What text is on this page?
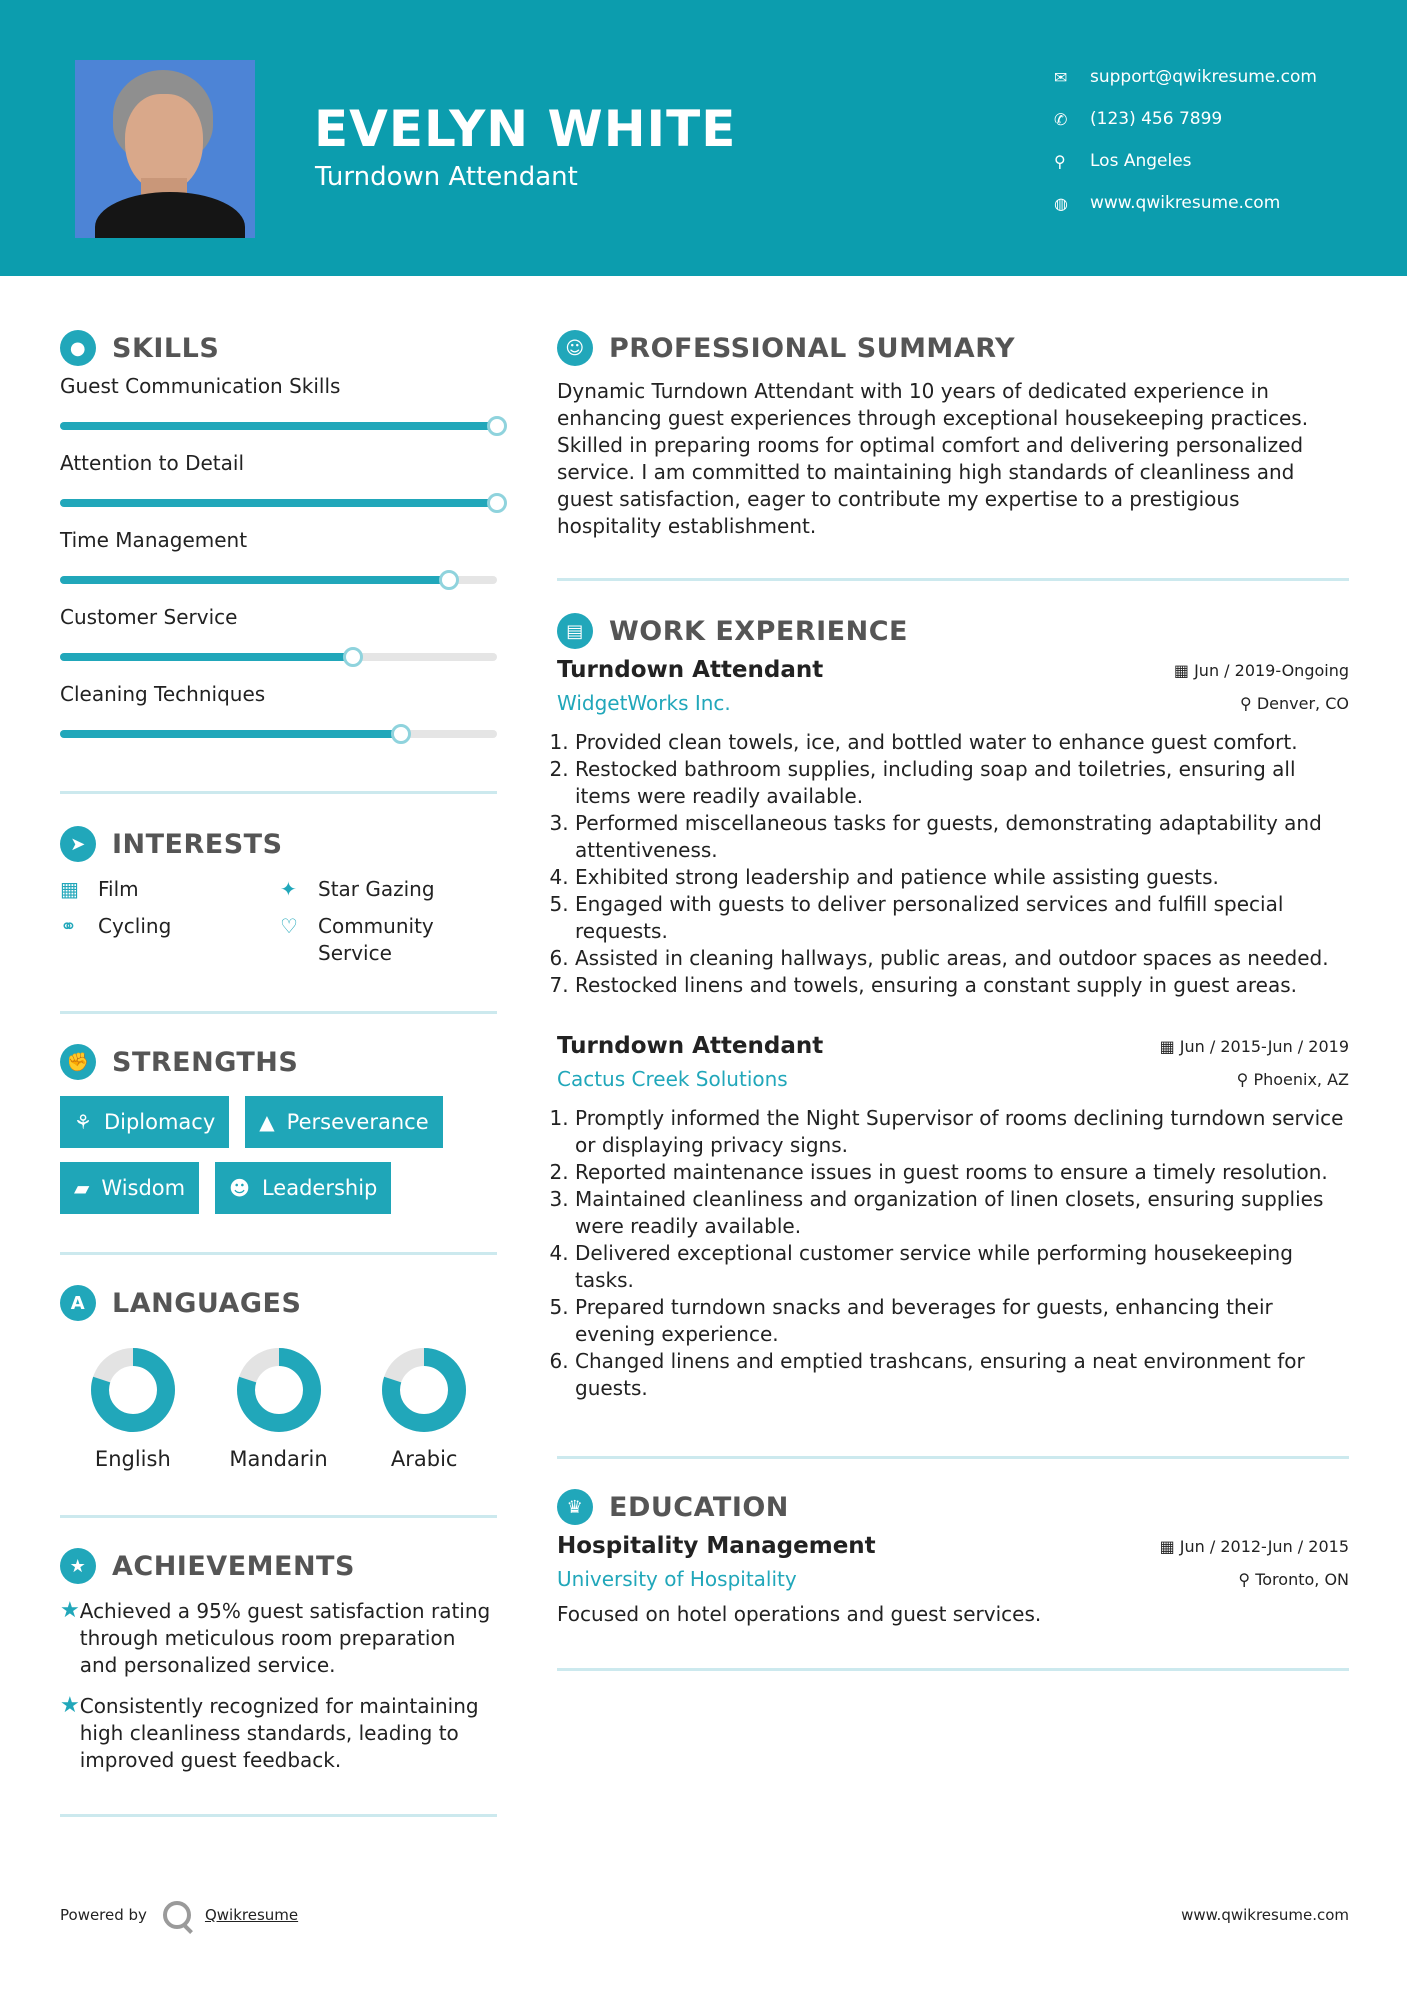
EVELYN WHITE
Turndown Attendant
✉	support@qwikresume.com
✆	(123) 456 7899
⚲	Los Angeles
◍	www.qwikresume.com
● SKILLS
Guest Communication Skills
Attention to Detail
Time Management
Customer Service
Cleaning Techniques
➤ INTERESTS
▦ Film	✦	Star Gazing
⚭	Cycling	♡	Community Service
✊ STRENGTHS
⚘ Diplomacy ▲ Perseverance
▰ Wisdom ☻ Leadership
A LANGUAGES
English	Mandarin	Arabic
★ ACHIEVEMENTS
★ Achieved a 95% guest satisfaction rating through meticulous room preparation and personalized service.
★ Consistently recognized for maintaining high cleanliness standards, leading to improved guest feedback.
☺ PROFESSIONAL SUMMARY
Dynamic Turndown Attendant with 10 years of dedicated experience in enhancing guest experiences through exceptional housekeeping practices. Skilled in preparing rooms for optimal comfort and delivering personalized service. I am committed to maintaining high standards of cleanliness and guest satisfaction, eager to contribute my expertise to a prestigious hospitality establishment.
▤ WORK EXPERIENCE
Turndown Attendant	▦ Jun / 2019-Ongoing
WidgetWorks Inc.	⚲ Denver, CO
1. Provided clean towels, ice, and bottled water to enhance guest comfort.
2. Restocked bathroom supplies, including soap and toiletries, ensuring all items were readily available.
3. Performed miscellaneous tasks for guests, demonstrating adaptability and attentiveness.
4. Exhibited strong leadership and patience while assisting guests.
5. Engaged with guests to deliver personalized services and fulfill special requests.
6. Assisted in cleaning hallways, public areas, and outdoor spaces as needed.
7. Restocked linens and towels, ensuring a constant supply in guest areas.
Turndown Attendant	▦ Jun / 2015-Jun / 2019
Cactus Creek Solutions	⚲ Phoenix, AZ
1. Promptly informed the Night Supervisor of rooms declining turndown service or displaying privacy signs.
2. Reported maintenance issues in guest rooms to ensure a timely resolution.
3. Maintained cleanliness and organization of linen closets, ensuring supplies were readily available.
4. Delivered exceptional customer service while performing housekeeping tasks.
5. Prepared turndown snacks and beverages for guests, enhancing their evening experience.
6. Changed linens and emptied trashcans, ensuring a neat environment for guests.
♛ EDUCATION
Hospitality Management	▦ Jun / 2012-Jun / 2015
University of Hospitality	⚲ Toronto, ON
Focused on hotel operations and guest services.
Powered by	Qwikresume	www.qwikresume.com
